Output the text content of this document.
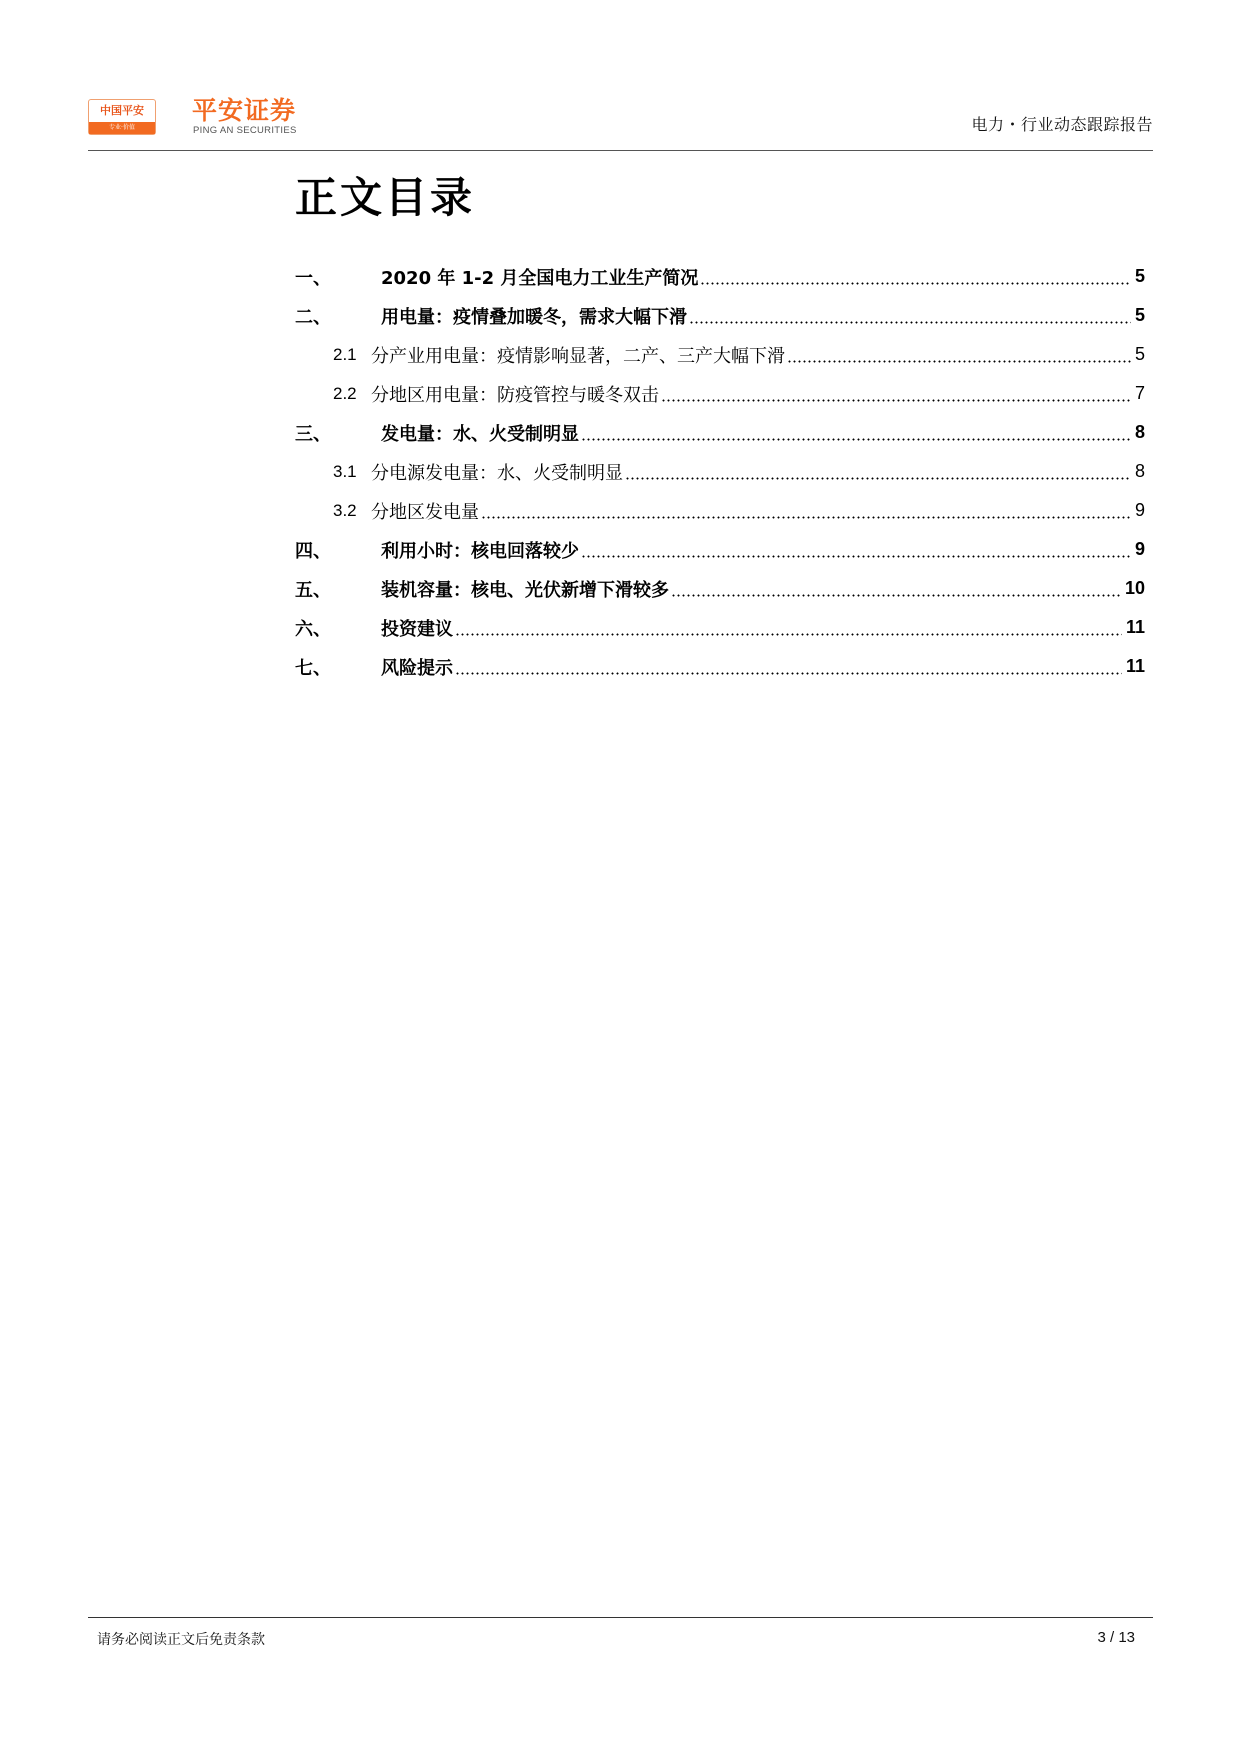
中国平安
专业·价值
平安证券
PING AN SECURITIES	电力・行业动态跟踪报告
正文目录
一、	2020 年 1-2 月全国电力工业生产简况	5
二、	用电量：疫情叠加暖冬，需求大幅下滑	5
2.1 分产业用电量：疫情影响显著，二产、三产大幅下滑	5
2.2 分地区用电量：防疫管控与暖冬双击	7
三、	发电量：水、火受制明显	8
3.1 分电源发电量：水、火受制明显	8
3.2 分地区发电量	9
四、	利用小时：核电回落较少	9
五、	装机容量：核电、光伏新增下滑较多	10
六、	投资建议	11
七、	风险提示	11
请务必阅读正文后免责条款	3 / 13
